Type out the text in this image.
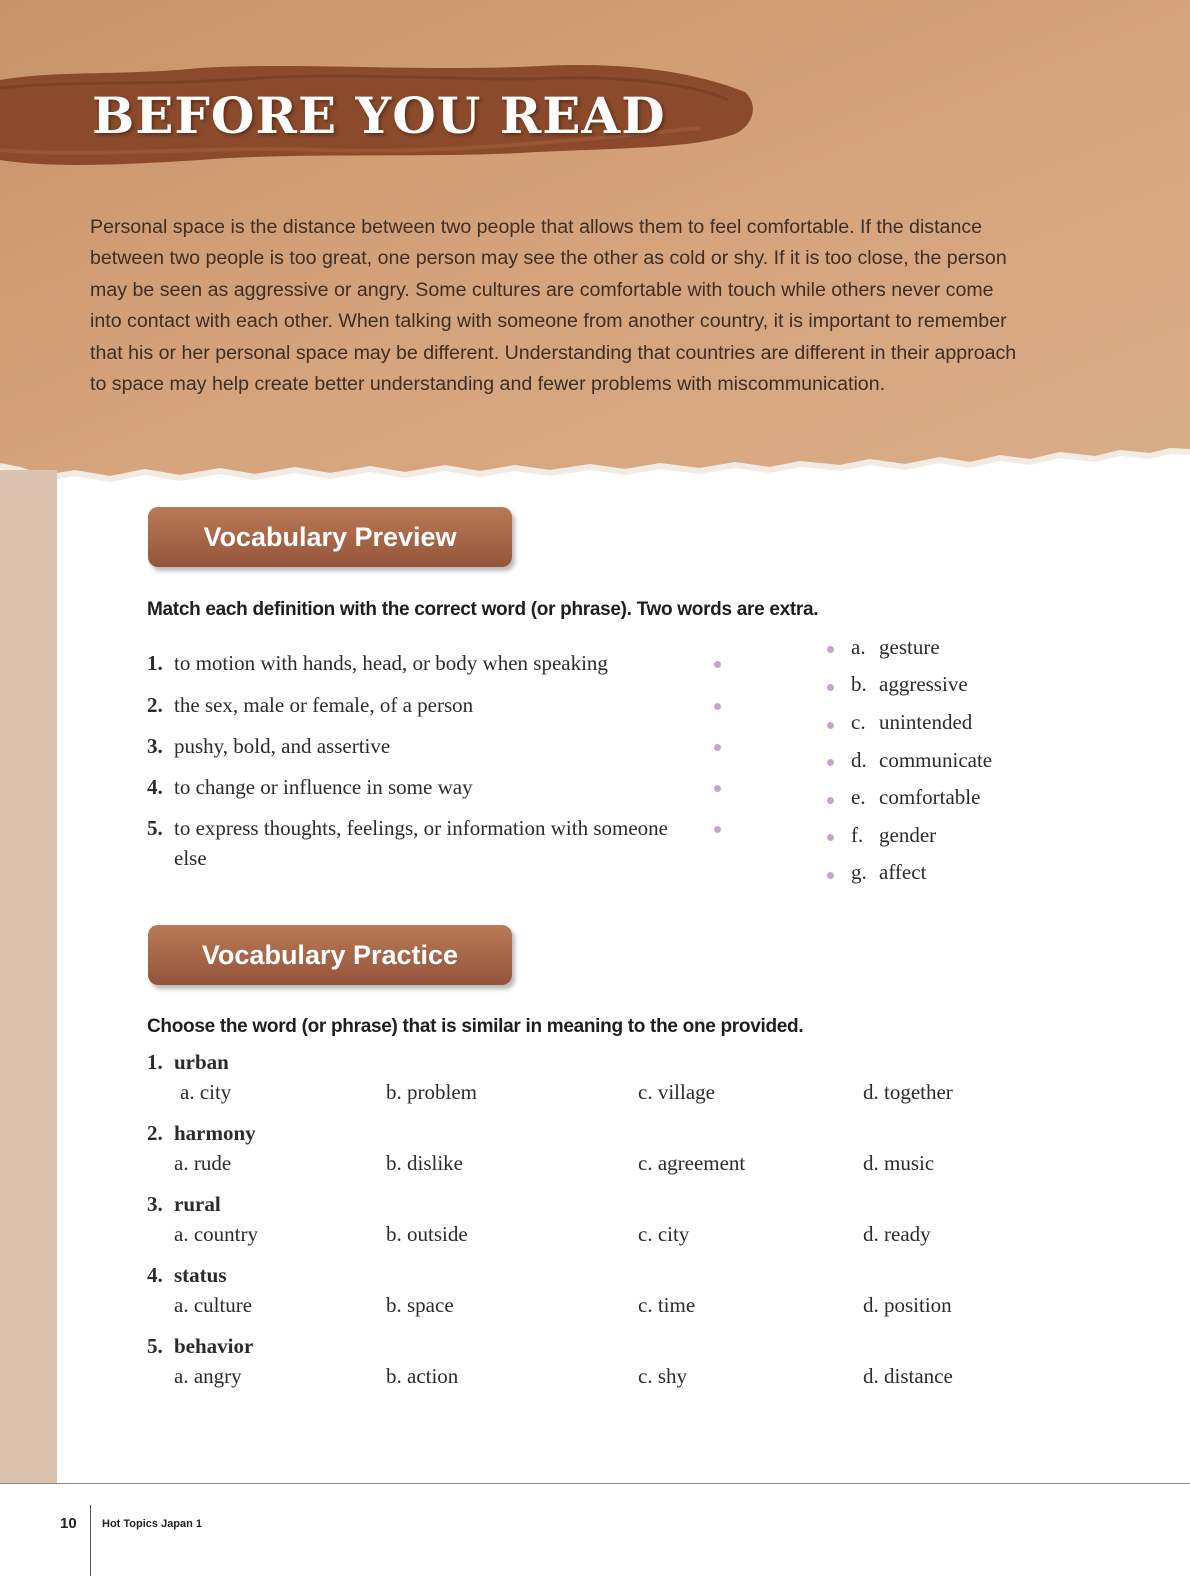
BEFORE YOU READ

Personal space is the distance between two people that allows them to feel comfortable. If the distance between two people is too great, one person may see the other as cold or shy. If it is too close, the person may be seen as aggressive or angry. Some cultures are comfortable with touch while others never come into contact with each other. When talking with someone from another country, it is important to remember that his or her personal space may be different. Understanding that countries are different in their approach to space may help create better understanding and fewer problems with miscommunication.

Vocabulary Preview

Match each definition with the correct word (or phrase). Two words are extra.

1. to motion with hands, head, or body when speaking
2. the sex, male or female, of a person
3. pushy, bold, and assertive
4. to change or influence in some way
5. to express thoughts, feelings, or information with someone else
a. gesture
b. aggressive
c. unintended
d. communicate
e. comfortable
f. gender
g. affect
Vocabulary Practice

Choose the word (or phrase) that is similar in meaning to the one provided.

1. urban
a. city	b. problem	c. village	d. together
2. harmony
a. rude	b. dislike	c. agreement	d. music
3. rural
a. country	b. outside	c. city	d. ready
4. status
a. culture	b. space	c. time	d. position
5. behavior
a. angry	b. action	c. shy	d. distance
10 Hot Topics Japan 1
